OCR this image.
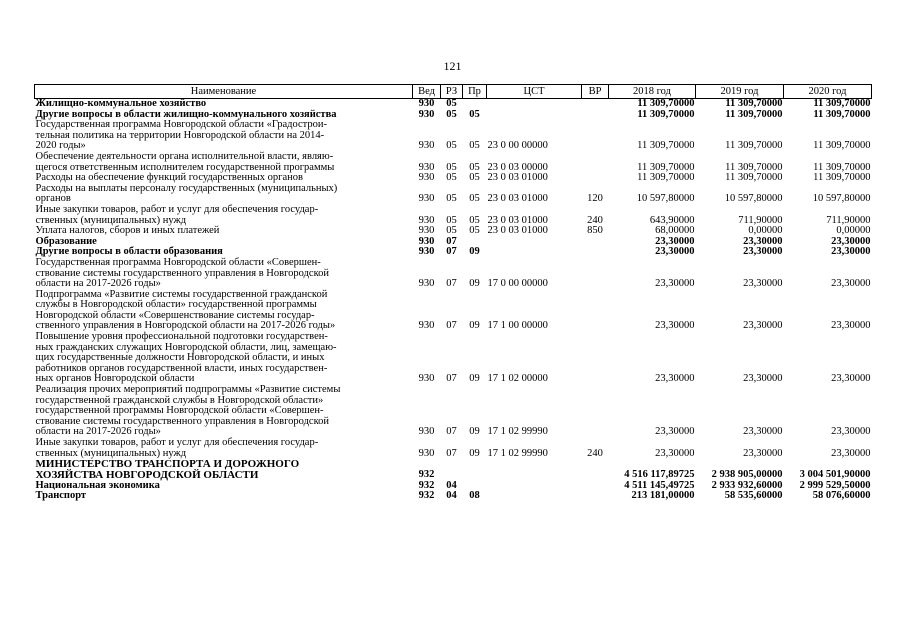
121
Наименование	Вед	РЗ	Пр	ЦСТ	ВР	2018 год	2019 год	2020 год

Жилищно-коммунальное хозяйство	930	05				11 309,70000	11 309,70000	11 309,70000

Другие вопросы в области жилищно-коммунального хозяйства	930	05	05			11 309,70000	11 309,70000	11 309,70000

Государственная программа Новгородской области «Градострои-
тельная политика на территории Новгородской области на 2014-
2020 годы»	930	05	05	23 0 00 00000		11 309,70000	11 309,70000	11 309,70000

Обеспечение деятельности органа исполнительной власти, являю-
щегося ответственным исполнителем государственной программы	930	05	05	23 0 03 00000		11 309,70000	11 309,70000	11 309,70000

Расходы на обеспечение функций государственных органов	930	05	05	23 0 03 01000		11 309,70000	11 309,70000	11 309,70000

Расходы на выплаты персоналу государственных (муниципальных)
органов	930	05	05	23 0 03 01000	120	10 597,80000	10 597,80000	10 597,80000

Иные закупки товаров, работ и услуг для обеспечения государ-
ственных (муниципальных) нужд	930	05	05	23 0 03 01000	240	643,90000	711,90000	711,90000

Уплата налогов, сборов и иных платежей	930	05	05	23 0 03 01000	850	68,00000	0,00000	0,00000

Образование	930	07				23,30000	23,30000	23,30000

Другие вопросы в области образования	930	07	09			23,30000	23,30000	23,30000

Государственная программа Новгородской области «Совершен-
ствование системы государственного управления в Новгородской
области на 2017-2026 годы»	930	07	09	17 0 00 00000		23,30000	23,30000	23,30000

Подпрограмма «Развитие системы государственной гражданской
службы в Новгородской области» государственной программы
Новгородской области «Совершенствование системы государ-
ственного управления в Новгородской области на 2017-2026 годы»	930	07	09	17 1 00 00000		23,30000	23,30000	23,30000

Повышение уровня профессиональной подготовки государствен-
ных гражданских служащих Новгородской области, лиц, замещаю-
щих государственные должности Новгородской области, и иных
работников органов государственной власти, иных государствен-
ных органов Новгородской области	930	07	09	17 1 02 00000		23,30000	23,30000	23,30000

Реализация прочих мероприятий подпрограммы «Развитие системы
государственной гражданской службы в Новгородской области»
государственной программы Новгородской области «Совершен-
ствование системы государственного управления в Новгородской
области на 2017-2026 годы»	930	07	09	17 1 02 99990		23,30000	23,30000	23,30000

Иные закупки товаров, работ и услуг для обеспечения государ-
ственных (муниципальных) нужд	930	07	09	17 1 02 99990	240	23,30000	23,30000	23,30000

МИНИСТЕРСТВО ТРАНСПОРТА И ДОРОЖНОГО
ХОЗЯЙСТВА НОВГОРОДСКОЙ ОБЛАСТИ	932					4 516 117,89725	2 938 905,00000	3 004 501,90000

Национальная экономика	932	04				4 511 145,49725	2 933 932,60000	2 999 529,50000

Транспорт	932	04	08			213 181,00000	58 535,60000	58 076,60000
